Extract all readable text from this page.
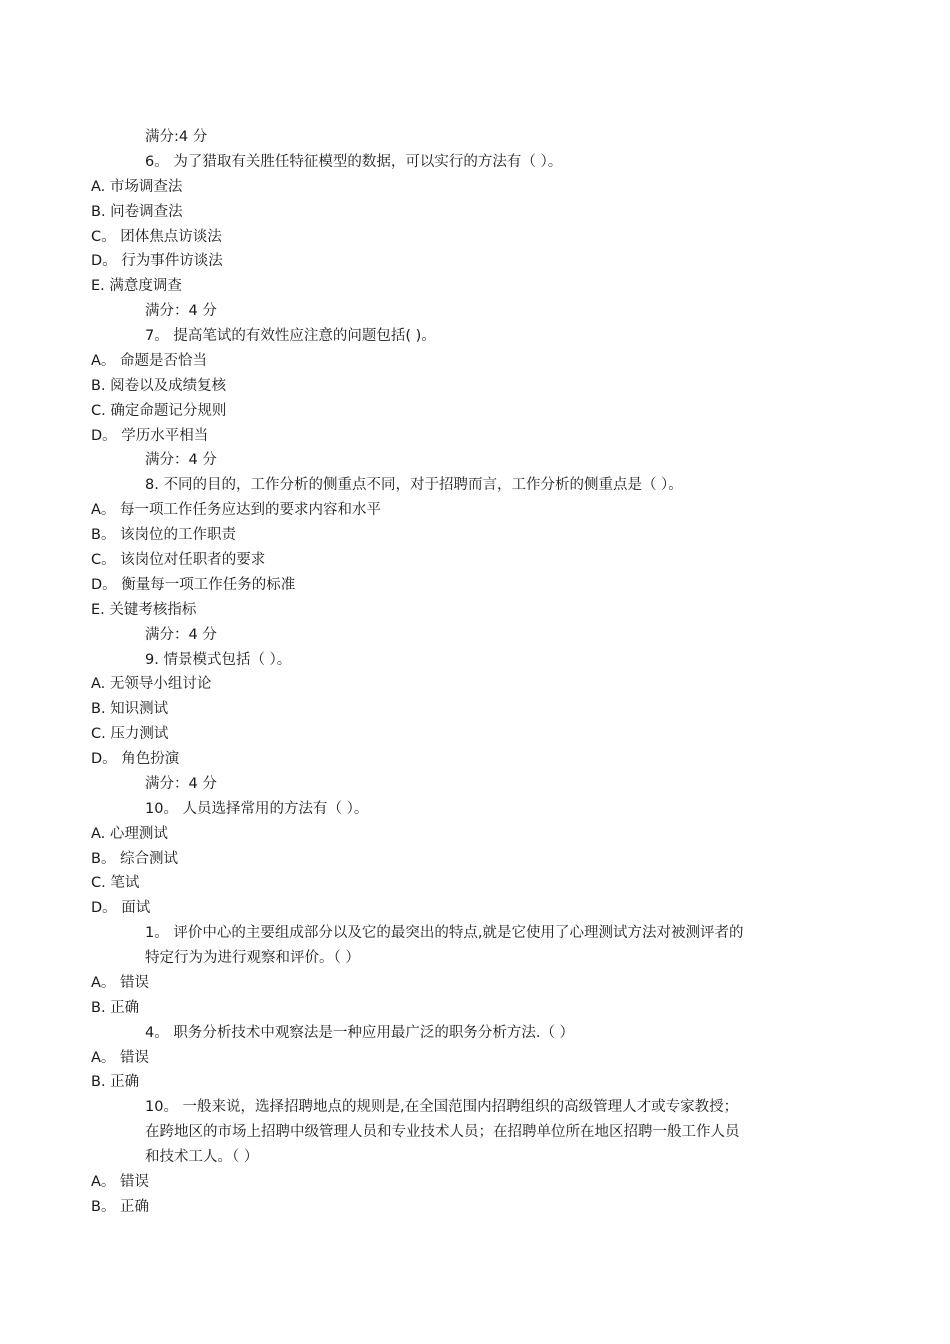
满分:4 分
6。 为了猎取有关胜任特征模型的数据，可以实行的方法有（ ）。
A. 市场调查法
B. 问卷调查法
C。 团体焦点访谈法
D。 行为事件访谈法
E. 满意度调查
满分：4 分
7。 提高笔试的有效性应注意的问题包括( )。
A。 命题是否恰当
B. 阅卷以及成绩复核
C. 确定命题记分规则
D。 学历水平相当
满分：4 分
8. 不同的目的，工作分析的侧重点不同，对于招聘而言，工作分析的侧重点是（ ）。
A。 每一项工作任务应达到的要求内容和水平
B。 该岗位的工作职责
C。 该岗位对任职者的要求
D。 衡量每一项工作任务的标准
E. 关键考核指标
满分：4 分
9. 情景模式包括（ ）。
A. 无领导小组讨论
B. 知识测试
C. 压力测试
D。 角色扮演
满分：4 分
10。 人员选择常用的方法有（ ）。
A. 心理测试
B。 综合测试
C. 笔试
D。 面试
1。 评价中心的主要组成部分以及它的最突出的特点,就是它使用了心理测试方法对被测评者的
特定行为为进行观察和评价。（ ）
A。 错误
B. 正确
4。 职务分析技术中观察法是一种应用最广泛的职务分析方法.（ ）
A。 错误
B. 正确
10。 一般来说，选择招聘地点的规则是,在全国范围内招聘组织的高级管理人才或专家教授；
在跨地区的市场上招聘中级管理人员和专业技术人员；在招聘单位所在地区招聘一般工作人员
和技术工人。（ ）
A。 错误
B。 正确
